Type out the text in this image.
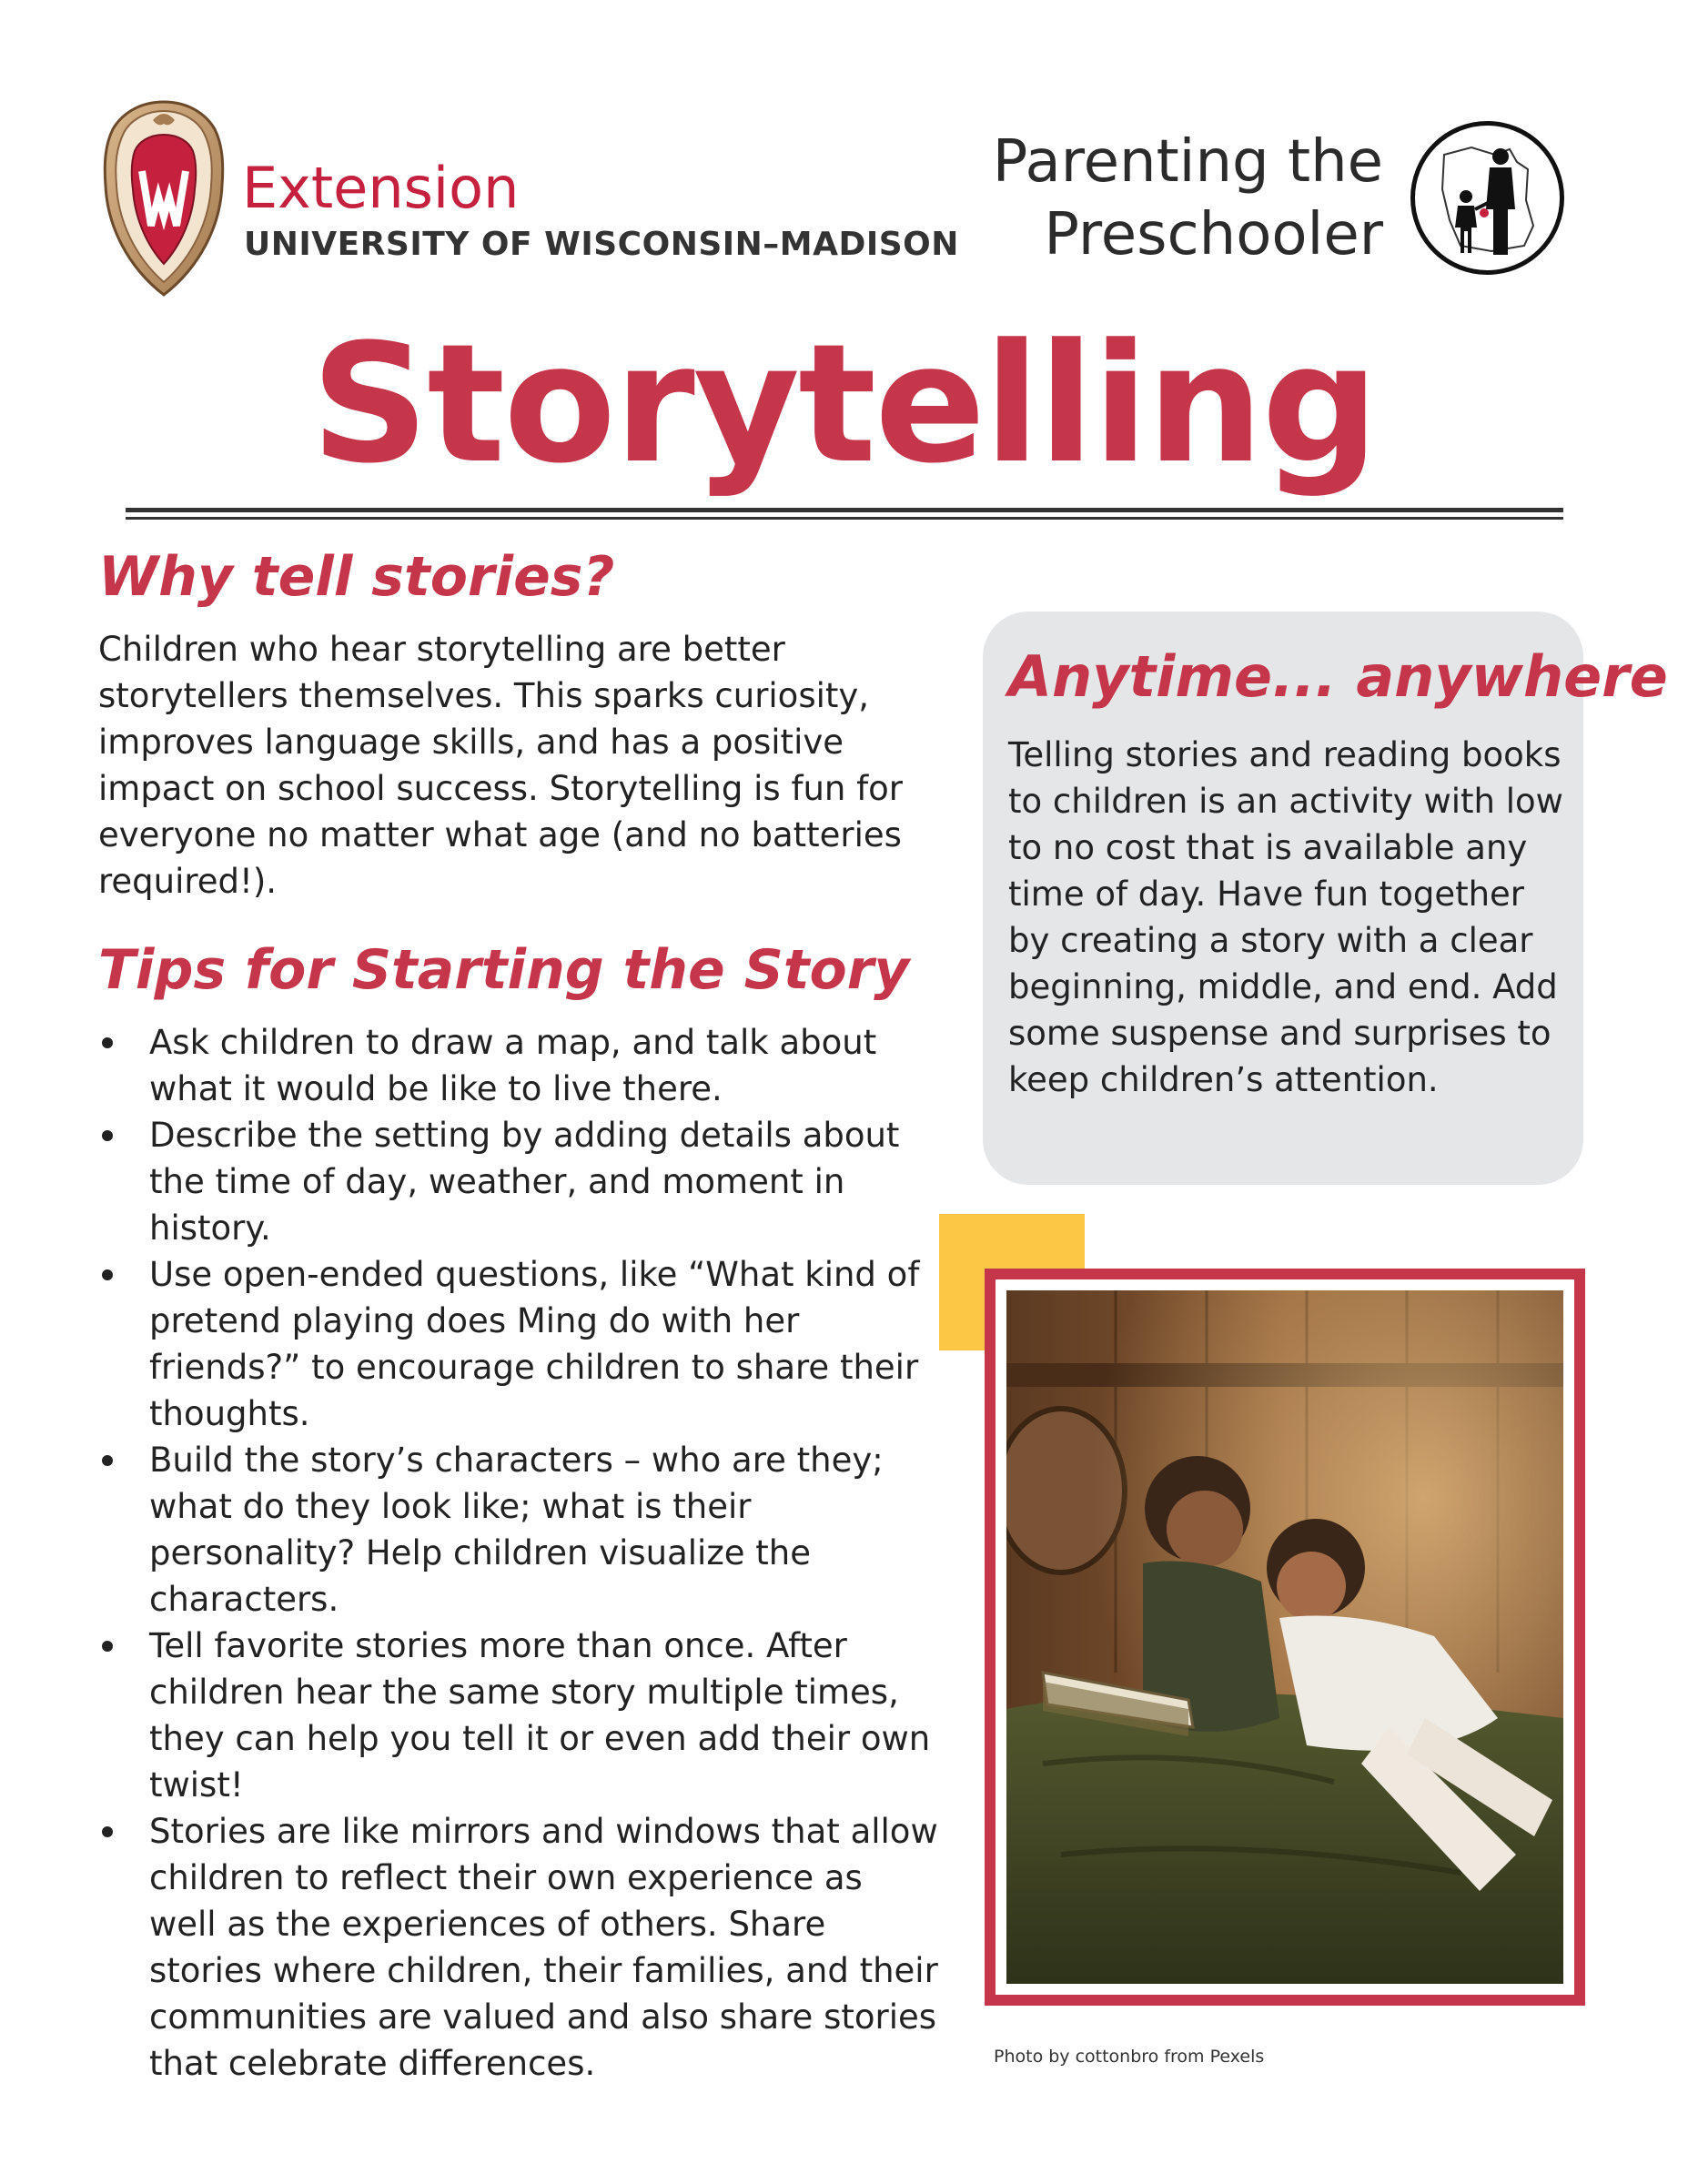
Extension
UNIVERSITY OF WISCONSIN–MADISON
Parenting the
Preschooler
Storytelling
Why tell stories?

Children who hear storytelling are better storytellers themselves. This sparks curiosity, improves language skills, and has a positive impact on school success. Storytelling is fun for everyone no matter what age (and no batteries required!).

Tips for Starting the Story
Ask children to draw a map, and talk about what it would be like to live there.
Describe the setting by adding details about the time of day, weather, and moment in history.
Use open-ended questions, like “What kind of pretend playing does Ming do with her friends?” to encourage children to share their thoughts.
Build the story’s characters – who are they; what do they look like; what is their personality? Help children visualize the characters.
Tell favorite stories more than once. After children hear the same story multiple times, they can help you tell it or even add their own twist!
Stories are like mirrors and windows that allow children to reflect their own experience as well as the experiences of others. Share stories where children, their families, and their communities are valued and also share stories that celebrate differences.
Anytime... anywhere

Telling stories and reading books to children is an activity with low to no cost that is available any time of day. Have fun together by creating a story with a clear beginning, middle, and end. Add some suspense and surprises to keep children’s attention.

Photo by cottonbro from Pexels
